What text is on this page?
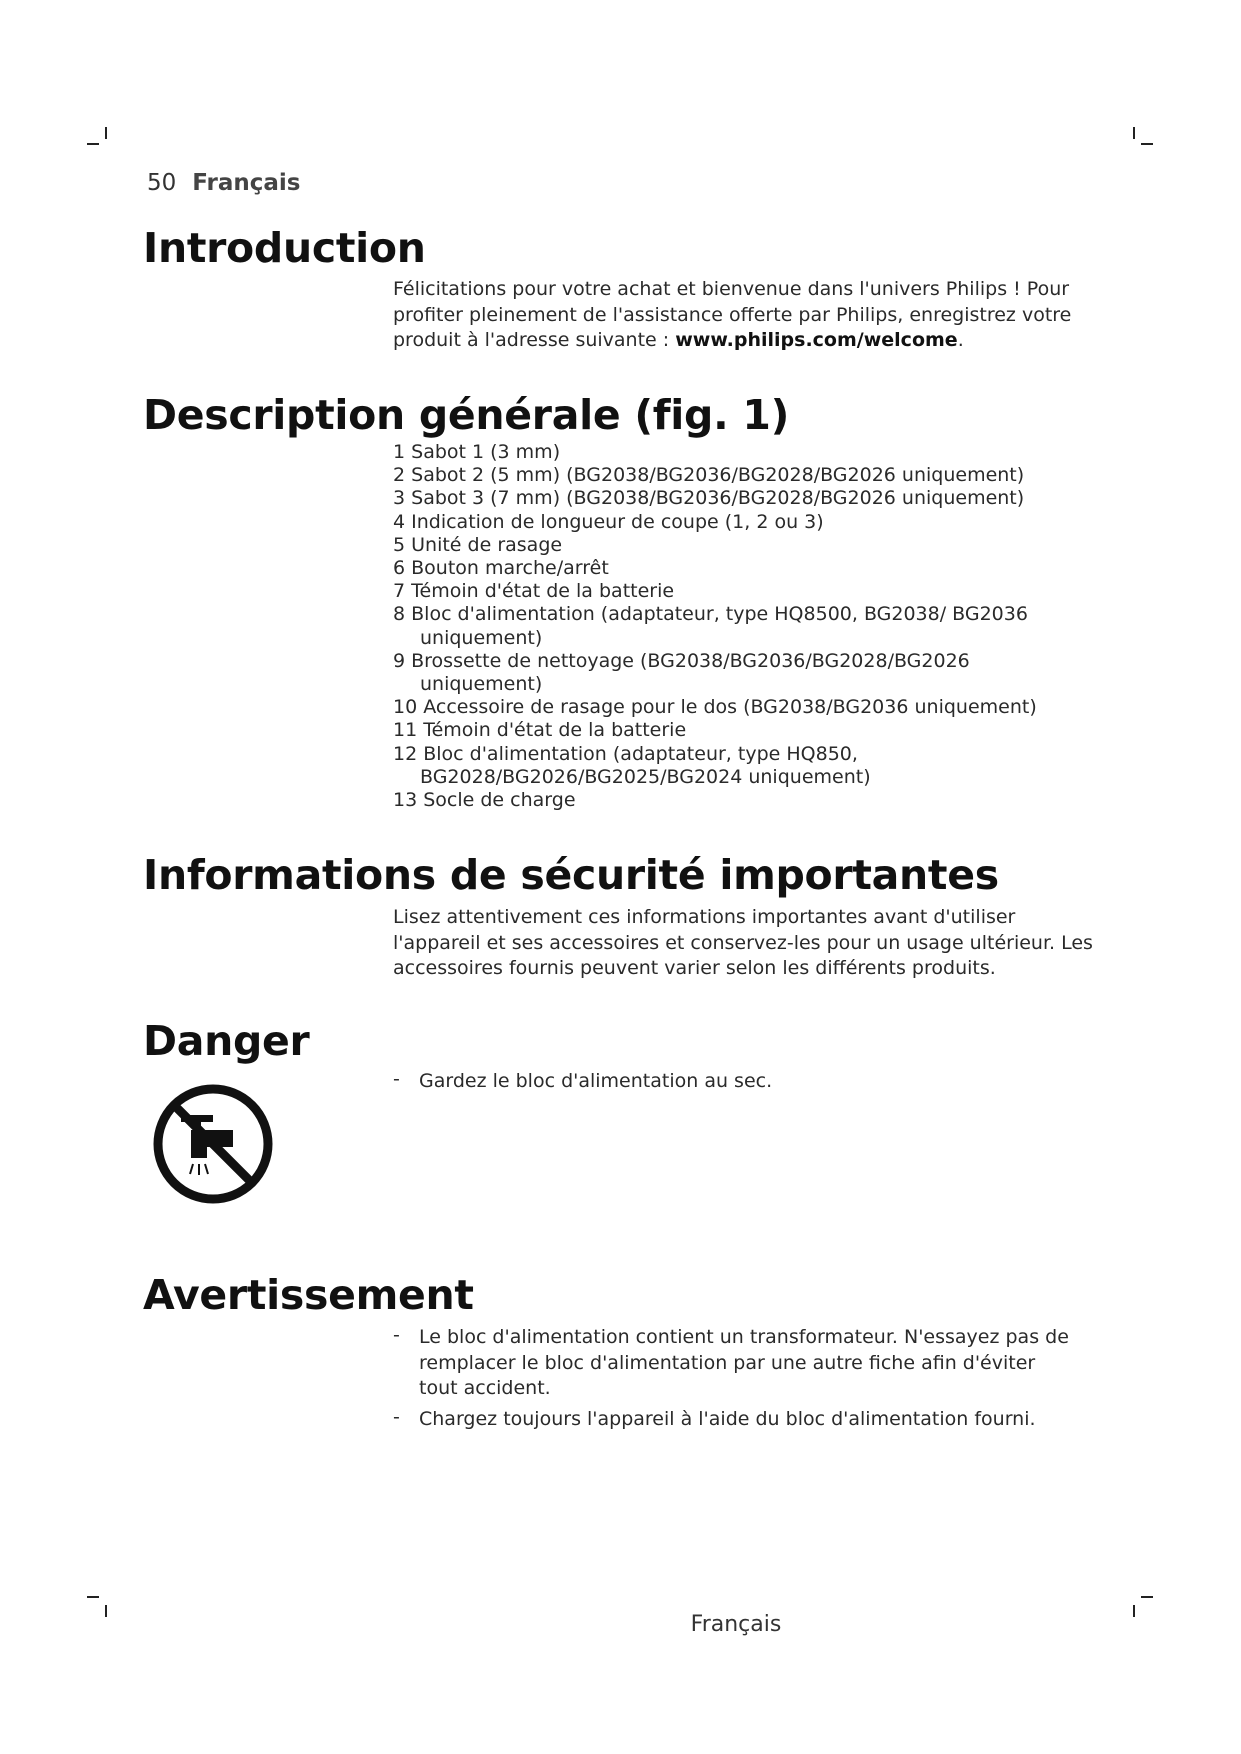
50 Français
Introduction
Félicitations pour votre achat et bienvenue dans l'univers Philips ! Pour profiter pleinement de l'assistance offerte par Philips, enregistrez votre produit à l'adresse suivante : www.philips.com/welcome.
Description générale (fig. 1)
1 Sabot 1 (3 mm)
2 Sabot 2 (5 mm) (BG2038/BG2036/BG2028/BG2026 uniquement)
3 Sabot 3 (7 mm) (BG2038/BG2036/BG2028/BG2026 uniquement)
4 Indication de longueur de coupe (1, 2 ou 3)
5 Unité de rasage
6 Bouton marche/arrêt
7 Témoin d'état de la batterie
8 Bloc d'alimentation (adaptateur, type HQ8500, BG2038/ BG2036 uniquement)
9 Brossette de nettoyage (BG2038/BG2036/BG2028/BG2026 uniquement)
10 Accessoire de rasage pour le dos (BG2038/BG2036 uniquement)
11 Témoin d'état de la batterie
12 Bloc d'alimentation (adaptateur, type HQ850, BG2028/BG2026/BG2025/BG2024 uniquement)
13 Socle de charge
Informations de sécurité importantes
Lisez attentivement ces informations importantes avant d'utiliser l'appareil et ses accessoires et conservez-les pour un usage ultérieur. Les accessoires fournis peuvent varier selon les différents produits.
Danger
- Gardez le bloc d'alimentation au sec.
Avertissement
- Le bloc d'alimentation contient un transformateur. N'essayez pas de remplacer le bloc d'alimentation par une autre fiche afin d'éviter tout accident.
- Chargez toujours l'appareil à l'aide du bloc d'alimentation fourni.
Français
